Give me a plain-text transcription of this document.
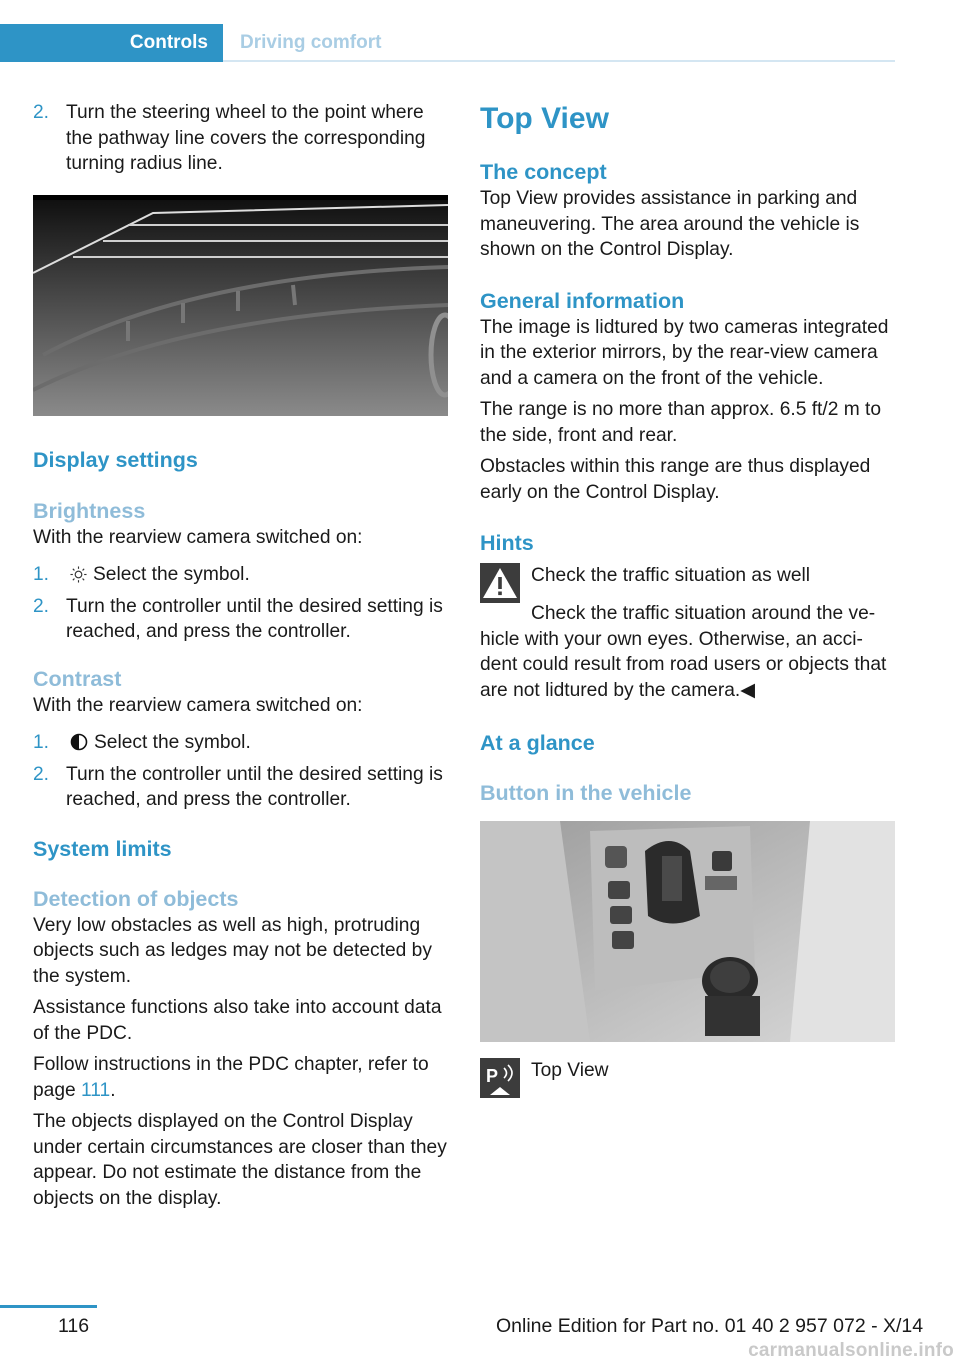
Controls	Driving comfort
2. Turn the steering wheel to the point where the pathway line covers the corresponding turning radius line.
Display settings
Brightness

With the rearview camera switched on:

1.	Select the symbol.
2. Turn the controller until the desired setting is reached, and press the controller.
Contrast

With the rearview camera switched on:

1.	Select the symbol.
2. Turn the controller until the desired setting is reached, and press the controller.
System limits
Detection of objects

Very low obstacles as well as high, protruding objects such as ledges may not be detected by the system.

Assistance functions also take into account data of the PDC.

Follow instructions in the PDC chapter, refer to page 111.

The objects displayed on the Control Display under certain circumstances are closer than they appear. Do not estimate the distance from the objects on the display.

Top View
The concept

Top View provides assistance in parking and maneuvering. The area around the vehicle is shown on the Control Display.

General information

The image is lidtured by two cameras integrated in the exterior mirrors, by the rear-view camera and a camera on the front of the vehicle.

The range is no more than approx. 6.5 ft/2 m to the side, front and rear.

Obstacles within this range are thus displayed early on the Control Display.

Hints

Check the traffic situation as well

Check the traffic situation around the ve-hicle with your own eyes. Otherwise, an acci-dent could result from road users or objects that are not lidtured by the camera.◀

At a glance
Button in the vehicle
P Top View
116	Online Edition for Part no. 01 40 2 957 072 - X/14
carmanualsonline.info
